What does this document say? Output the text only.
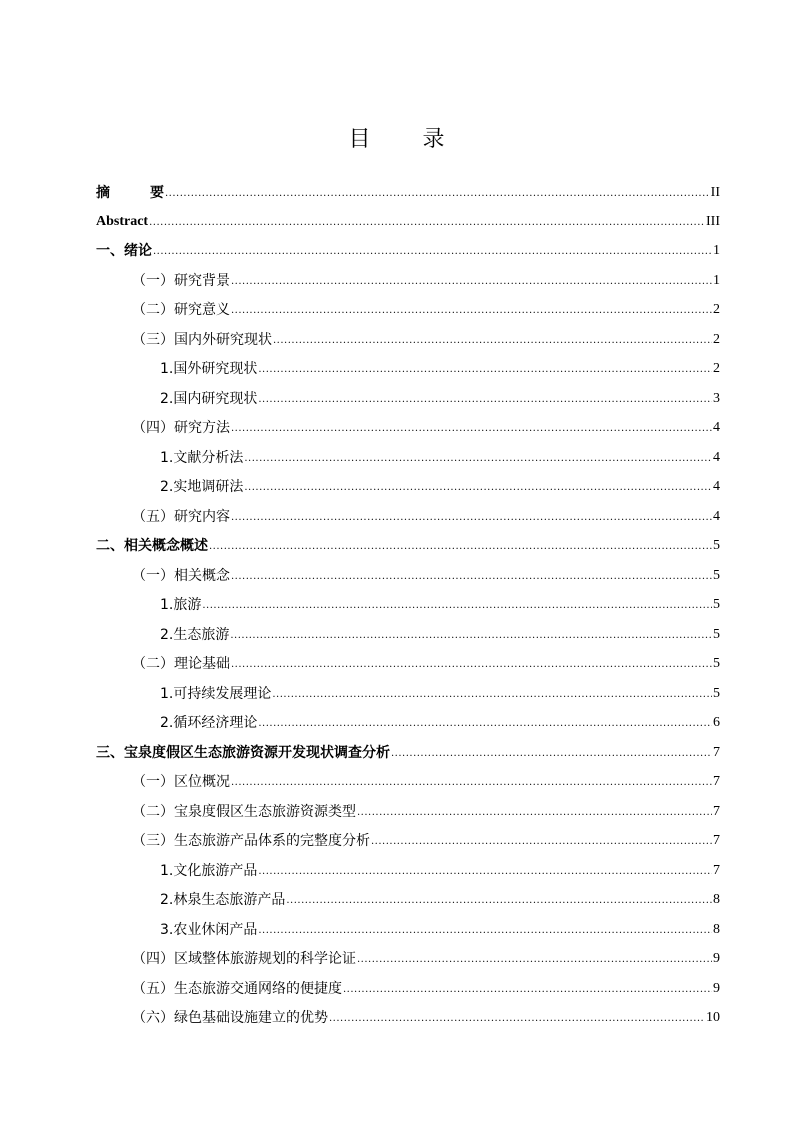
目 录
摘	要 .....	II
Abstract .....	III
一、绪论 .....	1
（一）研究背景 .....	1
（二）研究意义 .....	2
（三）国内外研究现状 .....	2
1.国外研究现状 .....	2
2.国内研究现状 .....	3
（四）研究方法 .....	4
1.文献分析法 .....	4
2.实地调研法 .....	4
（五）研究内容 .....	4
二、相关概念概述 .....	5
（一）相关概念 .....	5
1.旅游 .....	5
2.生态旅游 .....	5
（二）理论基础 .....	5
1.可持续发展理论 .....	5
2.循环经济理论 .....	6
三、宝泉度假区生态旅游资源开发现状调查分析 .....	7
（一）区位概况 .....	7
（二）宝泉度假区生态旅游资源类型 .....	7
（三）生态旅游产品体系的完整度分析 .....	7
1.文化旅游产品 .....	7
2.林泉生态旅游产品 .....	8
3.农业休闲产品 .....	8
（四）区域整体旅游规划的科学论证 .....	9
（五）生态旅游交通网络的便捷度 .....	9
（六）绿色基础设施建立的优势 .....	10
